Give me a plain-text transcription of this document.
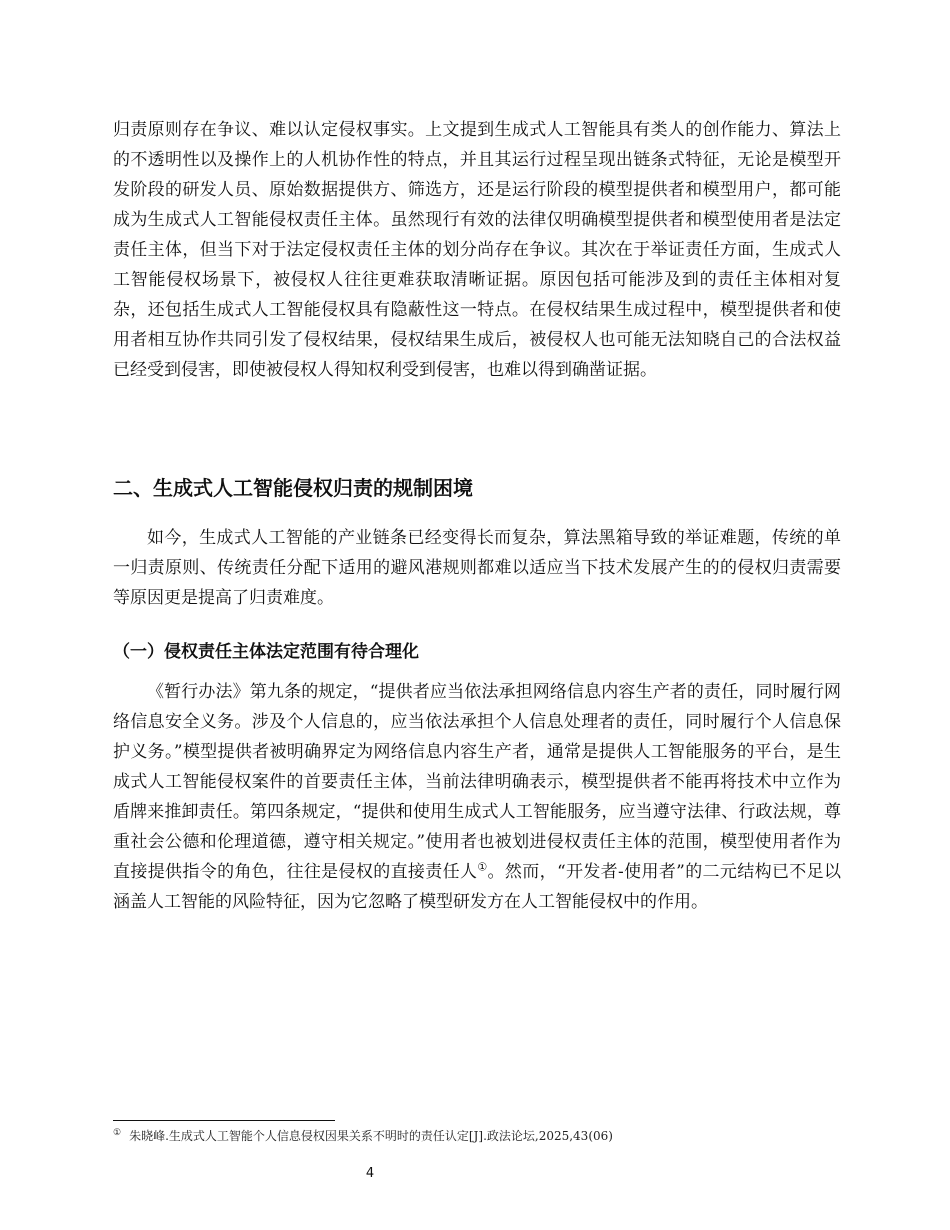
归责原则存在争议、难以认定侵权事实。上文提到生成式人工智能具有类人的创作能力、算法上的不透明性以及操作上的人机协作性的特点，并且其运行过程呈现出链条式特征，无论是模型开发阶段的研发人员、原始数据提供方、筛选方，还是运行阶段的模型提供者和模型用户，都可能成为生成式人工智能侵权责任主体。虽然现行有效的法律仅明确模型提供者和模型使用者是法定责任主体，但当下对于法定侵权责任主体的划分尚存在争议。其次在于举证责任方面，生成式人工智能侵权场景下，被侵权人往往更难获取清晰证据。原因包括可能涉及到的责任主体相对复杂，还包括生成式人工智能侵权具有隐蔽性这一特点。在侵权结果生成过程中，模型提供者和使用者相互协作共同引发了侵权结果，侵权结果生成后，被侵权人也可能无法知晓自己的合法权益已经受到侵害，即使被侵权人得知权利受到侵害，也难以得到确凿证据。

二、生成式人工智能侵权归责的规制困境

如今，生成式人工智能的产业链条已经变得长而复杂，算法黑箱导致的举证难题，传统的单一归责原则、传统责任分配下适用的避风港规则都难以适应当下技术发展产生的的侵权归责需要等原因更是提高了归责难度。

（一）侵权责任主体法定范围有待合理化

《暂行办法》第九条的规定，“提供者应当依法承担网络信息内容生产者的责任，同时履行网络信息安全义务。涉及个人信息的，应当依法承担个人信息处理者的责任，同时履行个人信息保护义务。”模型提供者被明确界定为网络信息内容生产者，通常是提供人工智能服务的平台，是生成式人工智能侵权案件的首要责任主体，当前法律明确表示，模型提供者不能再将技术中立作为盾牌来推卸责任。第四条规定，“提供和使用生成式人工智能服务，应当遵守法律、行政法规，尊重社会公德和伦理道德，遵守相关规定。”使用者也被划进侵权责任主体的范围，模型使用者作为直接提供指令的角色，往往是侵权的直接责任人①。然而，“开发者-使用者”的二元结构已不足以涵盖人工智能的风险特征，因为它忽略了模型研发方在人工智能侵权中的作用。

① 朱晓峰.生成式人工智能个人信息侵权因果关系不明时的责任认定[J].政法论坛,2025,43(06)

4
